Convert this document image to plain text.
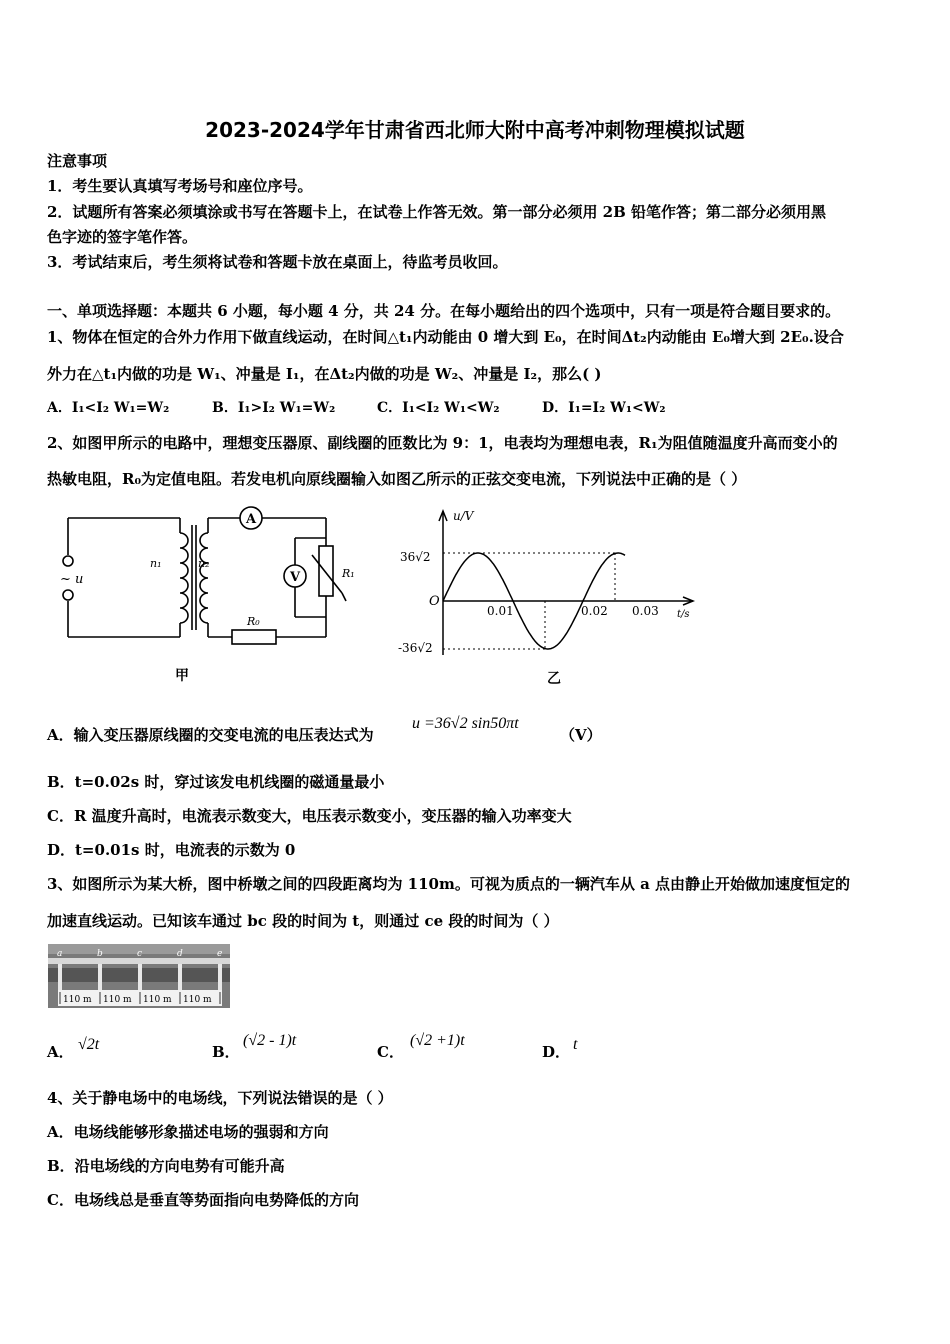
2023-2024学年甘肃省西北师大附中高考冲刺物理模拟试题
注意事项
1．考生要认真填写考场号和座位序号。
2．试题所有答案必须填涂或书写在答题卡上，在试卷上作答无效。第一部分必须用 2B 铅笔作答；第二部分必须用黑
色字迹的签字笔作答。
3．考试结束后，考生须将试卷和答题卡放在桌面上，待监考员收回。
一、单项选择题：本题共 6 小题，每小题 4 分，共 24 分。在每小题给出的四个选项中，只有一项是符合题目要求的。
1、物体在恒定的合外力作用下做直线运动，在时间△t₁内动能由 0 增大到 E₀，在时间Δt₂内动能由 E₀增大到 2E₀.设合
外力在△t₁内做的功是 W₁、冲量是 I₁，在Δt₂内做的功是 W₂、冲量是 I₂，那么( )
A．I₁<I₂ W₁=W₂	B．I₁>I₂ W₁=W₂	C．I₁<I₂ W₁<W₂	D．I₁=I₂ W₁<W₂
2、如图甲所示的电路中，理想变压器原、副线圈的匝数比为 9：1，电表均为理想电表，R₁为阻值随温度升高而变小的
热敏电阻，R₀为定值电阻。若发电机向原线圈输入如图乙所示的正弦交变电流，下列说法中正确的是（ ）
A
V
n₁	n₂
R₀
R₁
~ u
甲
u/V
t/s
O
36√2
-36√2
0.01	0.02 0.03
乙
A．输入变压器原线圈的交变电流的电压表达式为
u =36√2 sin50πt
（V）
B．t=0.02s 时，穿过该发电机线圈的磁通量最小
C．R 温度升高时，电流表示数变大，电压表示数变小，变压器的输入功率变大
D．t=0.01s 时，电流表的示数为 0
3、如图所示为某大桥，图中桥墩之间的四段距离均为 110m。可视为质点的一辆汽车从 a 点由静止开始做加速度恒定的
加速直线运动。已知该车通过 bc 段的时间为 t，则通过 ce 段的时间为（ ）
a	b	c	d	e
110 m 110 m 110 m 110 m
A． √2t	B．
(√2 - 1)t
C．
(√2 +1)t
D． t
4、关于静电场中的电场线，下列说法错误的是（ ）
A．电场线能够形象描述电场的强弱和方向
B．沿电场线的方向电势有可能升高
C．电场线总是垂直等势面指向电势降低的方向
